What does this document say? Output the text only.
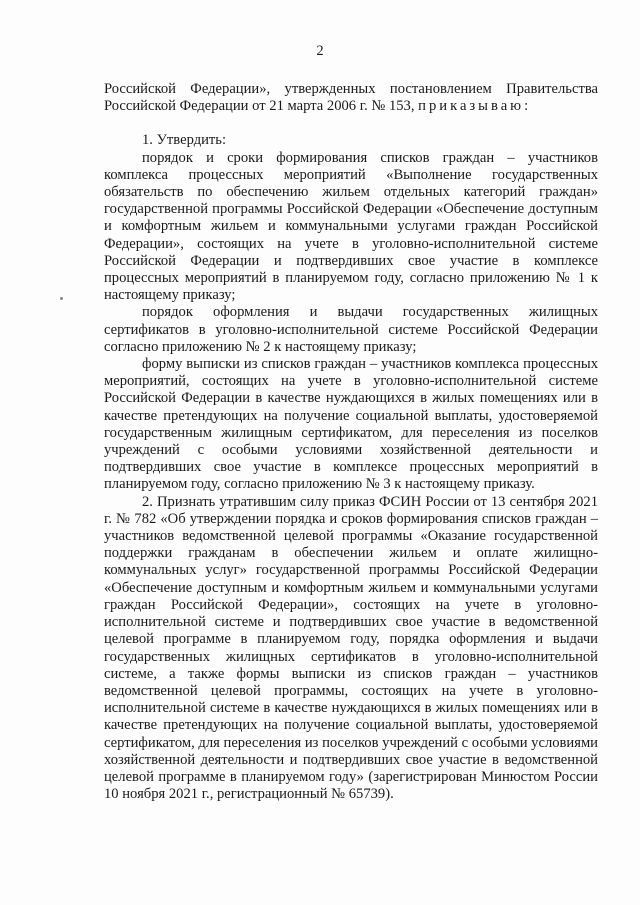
2

Российской Федерации», утвержденных постановлением Правительства Российской Федерации от 21 марта 2006 г. № 153, приказываю:

1. Утвердить:

порядок и сроки формирования списков граждан – участников комплекса процессных мероприятий «Выполнение государственных обязательств по обеспечению жильем отдельных категорий граждан» государственной программы Российской Федерации «Обеспечение доступным и комфортным жильем и коммунальными услугами граждан Российской Федерации», состоящих на учете в уголовно-исполнительной системе Российской Федерации и подтвердивших свое участие в комплексе процессных мероприятий в планируемом году, согласно приложению № 1 к настоящему приказу;

порядок оформления и выдачи государственных жилищных сертификатов в уголовно-исполнительной системе Российской Федерации согласно приложению № 2 к настоящему приказу;

форму выписки из списков граждан – участников комплекса процессных мероприятий, состоящих на учете в уголовно-исполнительной системе Российской Федерации в качестве нуждающихся в жилых помещениях или в качестве претендующих на получение социальной выплаты, удостоверяемой государственным жилищным сертификатом, для переселения из поселков учреждений с особыми условиями хозяйственной деятельности и подтвердивших свое участие в комплексе процессных мероприятий в планируемом году, согласно приложению № 3 к настоящему приказу.

2. Признать утратившим силу приказ ФСИН России от 13 сентября 2021 г. № 782 «Об утверждении порядка и сроков формирования списков граждан – участников ведомственной целевой программы «Оказание государственной поддержки гражданам в обеспечении жильем и оплате жилищно-коммунальных услуг» государственной программы Российской Федерации «Обеспечение доступным и комфортным жильем и коммунальными услугами граждан Российской Федерации», состоящих на учете в уголовно-исполнительной системе и подтвердивших свое участие в ведомственной целевой программе в планируемом году, порядка оформления и выдачи государственных жилищных сертификатов в уголовно-исполнительной системе, а также формы выписки из списков граждан – участников ведомственной целевой программы, состоящих на учете в уголовно-исполнительной системе в качестве нуждающихся в жилых помещениях или в качестве претендующих на получение социальной выплаты, удостоверяемой сертификатом, для переселения из поселков учреждений с особыми условиями хозяйственной деятельности и подтвердивших свое участие в ведомственной целевой программе в планируемом году» (зарегистрирован Минюстом России 10 ноября 2021 г., регистрационный № 65739).
